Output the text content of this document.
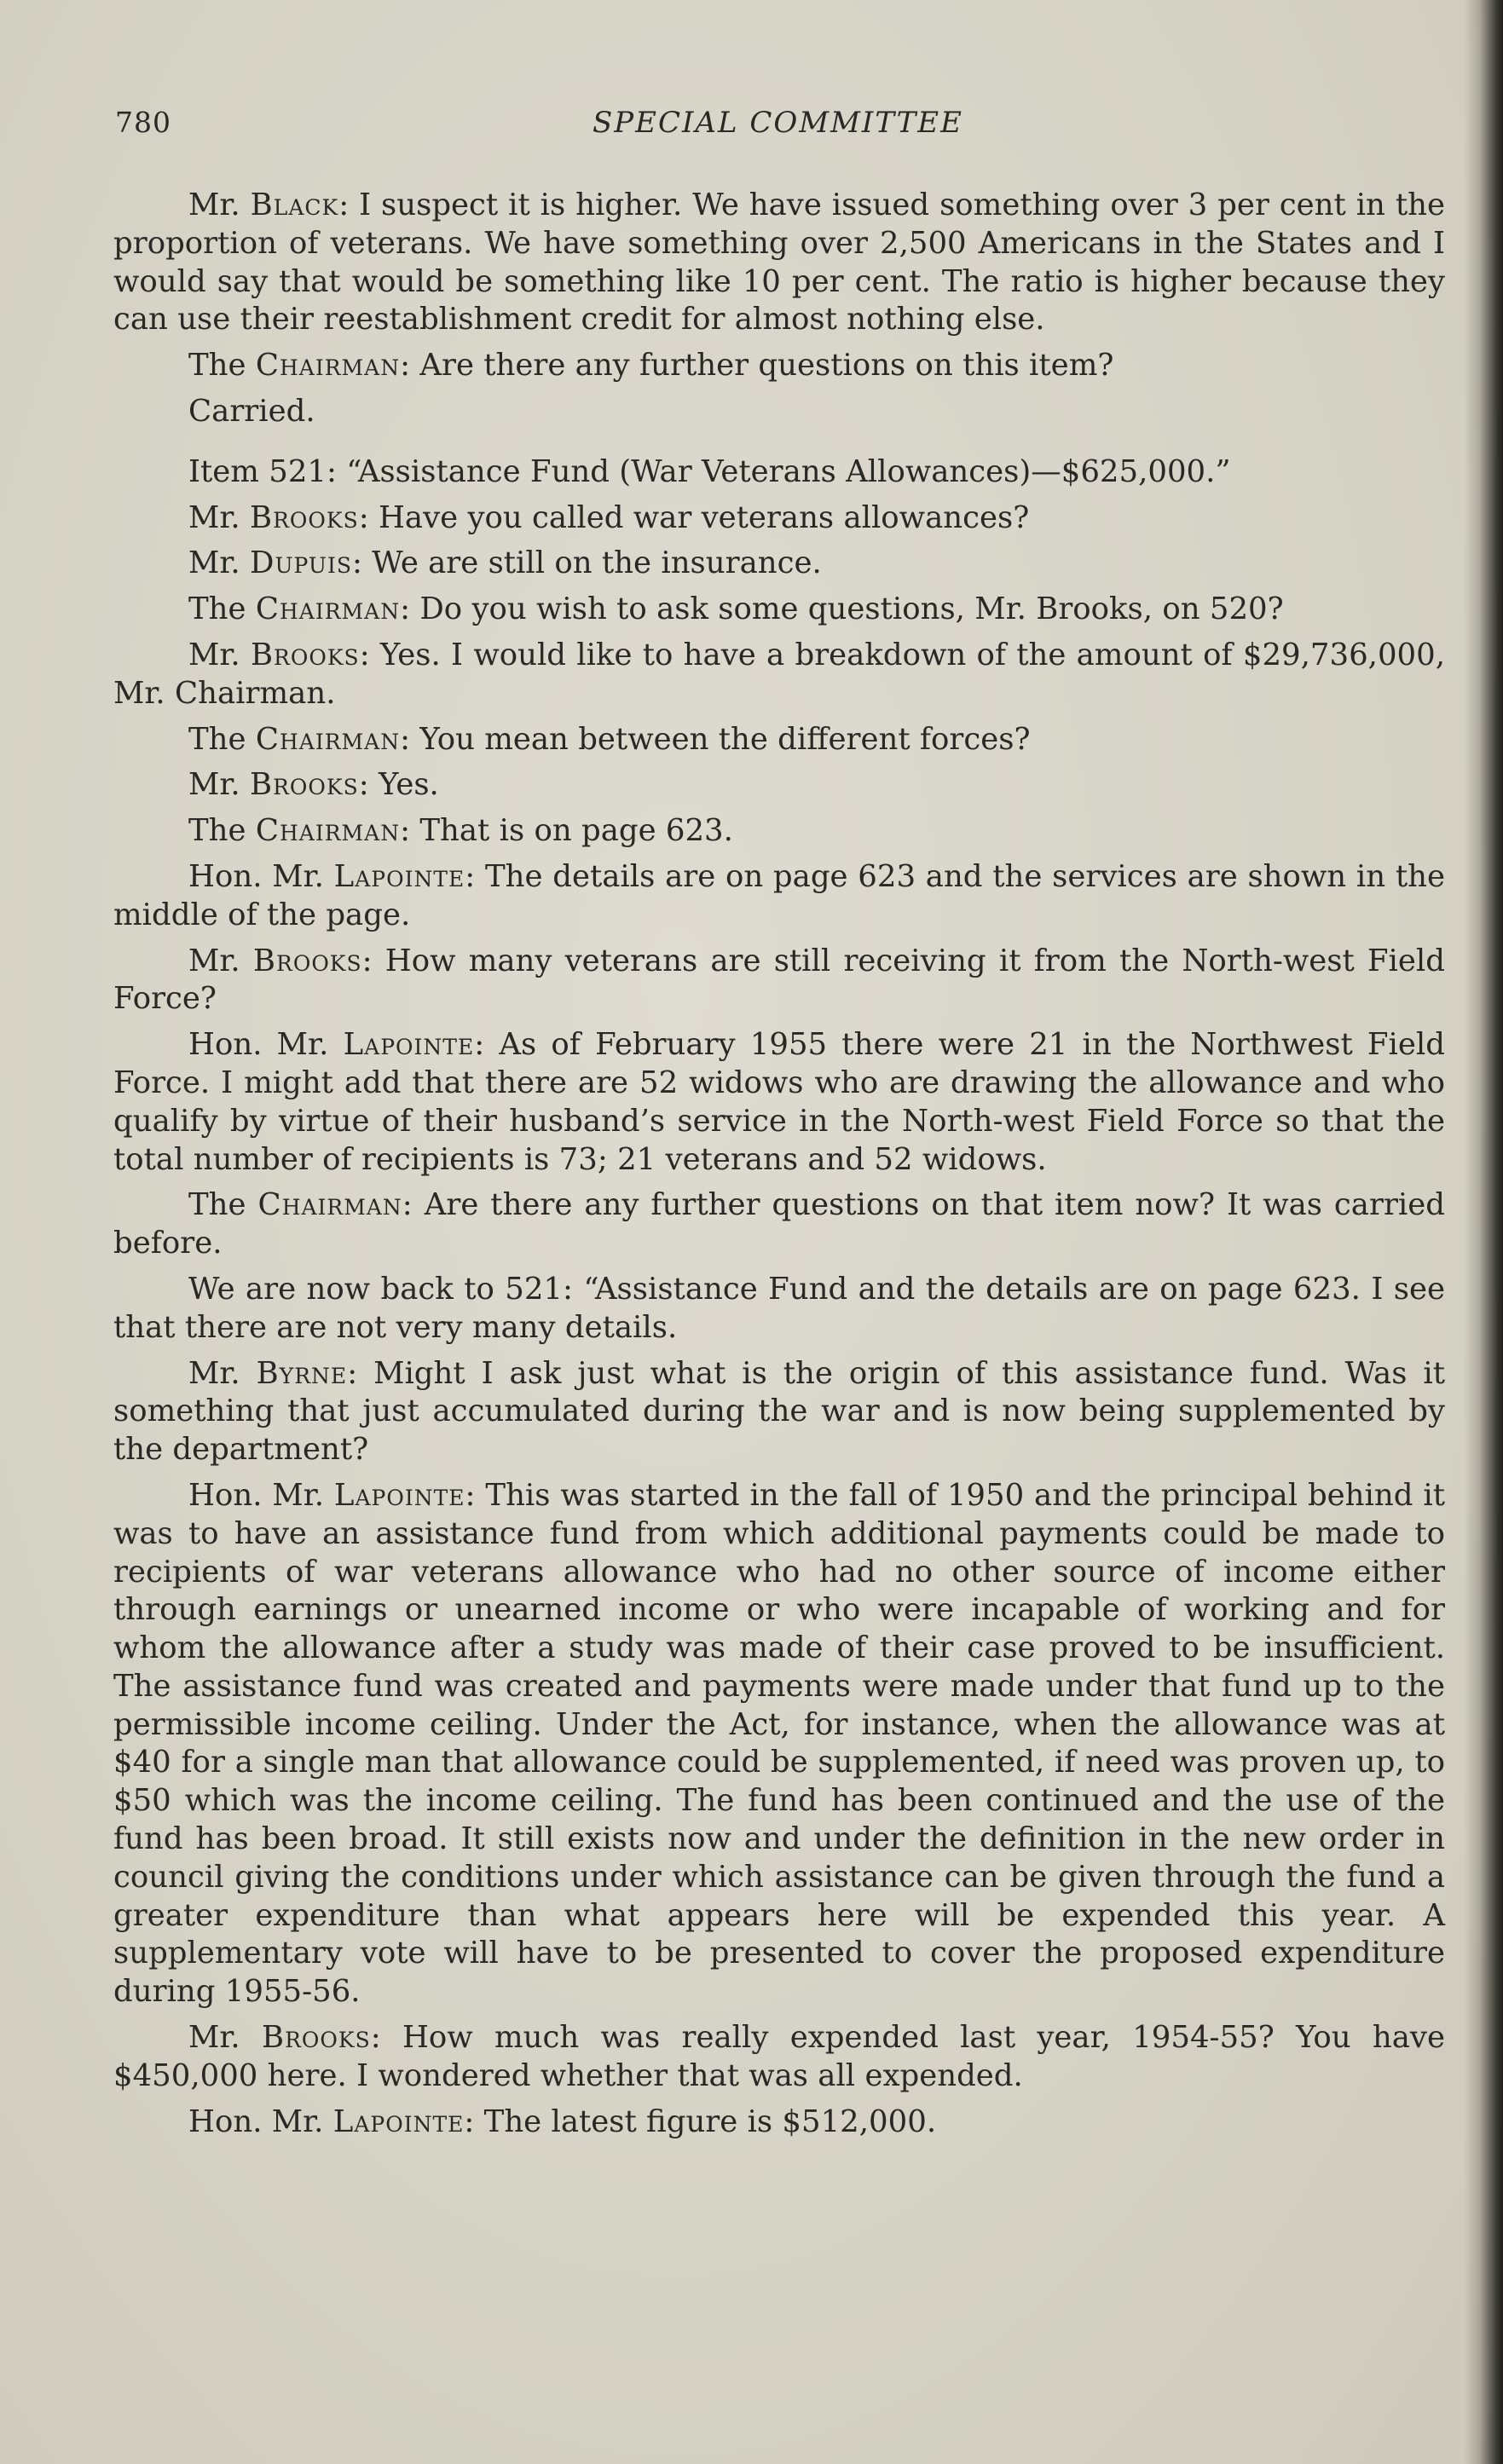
780	SPECIAL COMMITTEE

Mr. Black: I suspect it is higher. We have issued something over 3 per cent in the proportion of veterans. We have something over 2,500 Americans in the States and I would say that would be something like 10 per cent. The ratio is higher because they can use their reestablishment credit for almost nothing else.

The Chairman: Are there any further questions on this item?

Carried.

Item 521: “Assistance Fund (War Veterans Allowances)—$625,000.”

Mr. Brooks: Have you called war veterans allowances?

Mr. Dupuis: We are still on the insurance.

The Chairman: Do you wish to ask some questions, Mr. Brooks, on 520?

Mr. Brooks: Yes. I would like to have a breakdown of the amount of $29,736,000, Mr. Chairman.

The Chairman: You mean between the different forces?

Mr. Brooks: Yes.

The Chairman: That is on page 623.

Hon. Mr. Lapointe: The details are on page 623 and the services are shown in the middle of the page.

Mr. Brooks: How many veterans are still receiving it from the North-west Field Force?

Hon. Mr. Lapointe: As of February 1955 there were 21 in the Northwest Field Force. I might add that there are 52 widows who are drawing the allowance and who qualify by virtue of their husband’s service in the North-west Field Force so that the total number of recipients is 73; 21 veterans and 52 widows.

The Chairman: Are there any further questions on that item now? It was carried before.

We are now back to 521: “Assistance Fund and the details are on page 623. I see that there are not very many details.

Mr. Byrne: Might I ask just what is the origin of this assistance fund. Was it something that just accumulated during the war and is now being supplemented by the department?

Hon. Mr. Lapointe: This was started in the fall of 1950 and the principal behind it was to have an assistance fund from which additional payments could be made to recipients of war veterans allowance who had no other source of income either through earnings or unearned income or who were incapable of working and for whom the allowance after a study was made of their case proved to be insufficient. The assistance fund was created and payments were made under that fund up to the permissible income ceiling. Under the Act, for instance, when the allowance was at $40 for a single man that allowance could be supplemented, if need was proven up, to $50 which was the income ceiling. The fund has been continued and the use of the fund has been broad. It still exists now and under the definition in the new order in council giving the conditions under which assistance can be given through the fund a greater expenditure than what appears here will be expended this year. A supplementary vote will have to be presented to cover the proposed expenditure during 1955-56.

Mr. Brooks: How much was really expended last year, 1954-55? You have $450,000 here. I wondered whether that was all expended.

Hon. Mr. Lapointe: The latest figure is $512,000.
